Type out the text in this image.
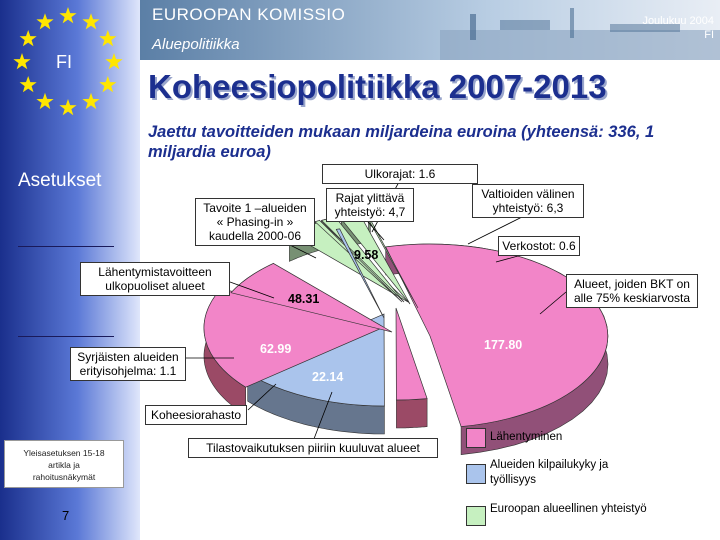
FI
Asetukset
Yleisasetuksen 15-18
artikla ja
rahoitusnäkymät
7
EUROOPAN KOMISSIO
Aluepolitiikka
Joulukuu 2004
FI
Koheesiopolitiikka 2007-2013
Jaettu tavoitteiden mukaan miljardeina euroina (yhteensä: 336, 1 miljardia euroa)
Ulkorajat: 1.6
Tavoite 1 –alueiden « Phasing-in » kaudella 2000-06
Rajat ylittävä yhteistyö: 4,7
Valtioiden välinen yhteistyö: 6,3
Verkostot: 0.6
Lähentymistavoitteen ulkopuoliset alueet	Alueet, joiden BKT on alle 75% keskiarvosta
Syrjäisten alueiden erityisohjelma: 1.1
Koheesiorahasto
Tilastovaikutuksen piiriin kuuluvat alueet
9.58
48.31
177.80
62.99
22.14
Lähentyminen
Alueiden kilpailukyky ja työllisyys
Euroopan alueellinen yhteistyö
